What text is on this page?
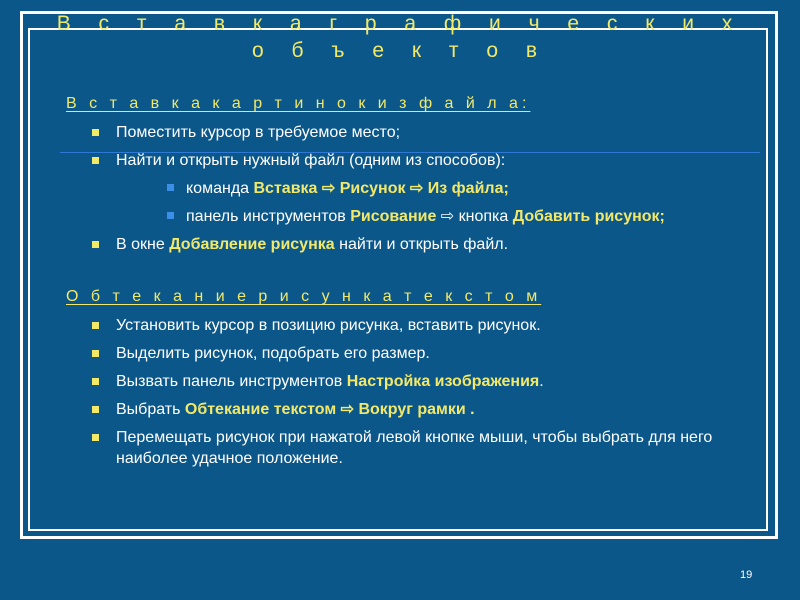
В с т а в к а г р а ф и ч е с к и х о б ъ е к т о в
В с т а в к а к а р т и н о к и з ф а й л а:
Поместить курсор в требуемое место;
Найти и открыть нужный файл (одним из способов):
команда Вставка ⇨ Рисунок ⇨ Из файла;
панель инструментов Рисование ⇨ кнопка Добавить рисунок;
В окне Добавление рисунка найти и открыть файл.
О б т е к а н и е р и с у н к а т е к с т о м
Установить курсор в позицию рисунка, вставить рисунок.
Выделить рисунок, подобрать его размер.
Вызвать панель инструментов Настройка изображения.
Выбрать Обтекание текстом ⇨ Вокруг рамки .
Перемещать рисунок при нажатой левой кнопке мыши, чтобы выбрать для него наиболее удачное положение.
19
